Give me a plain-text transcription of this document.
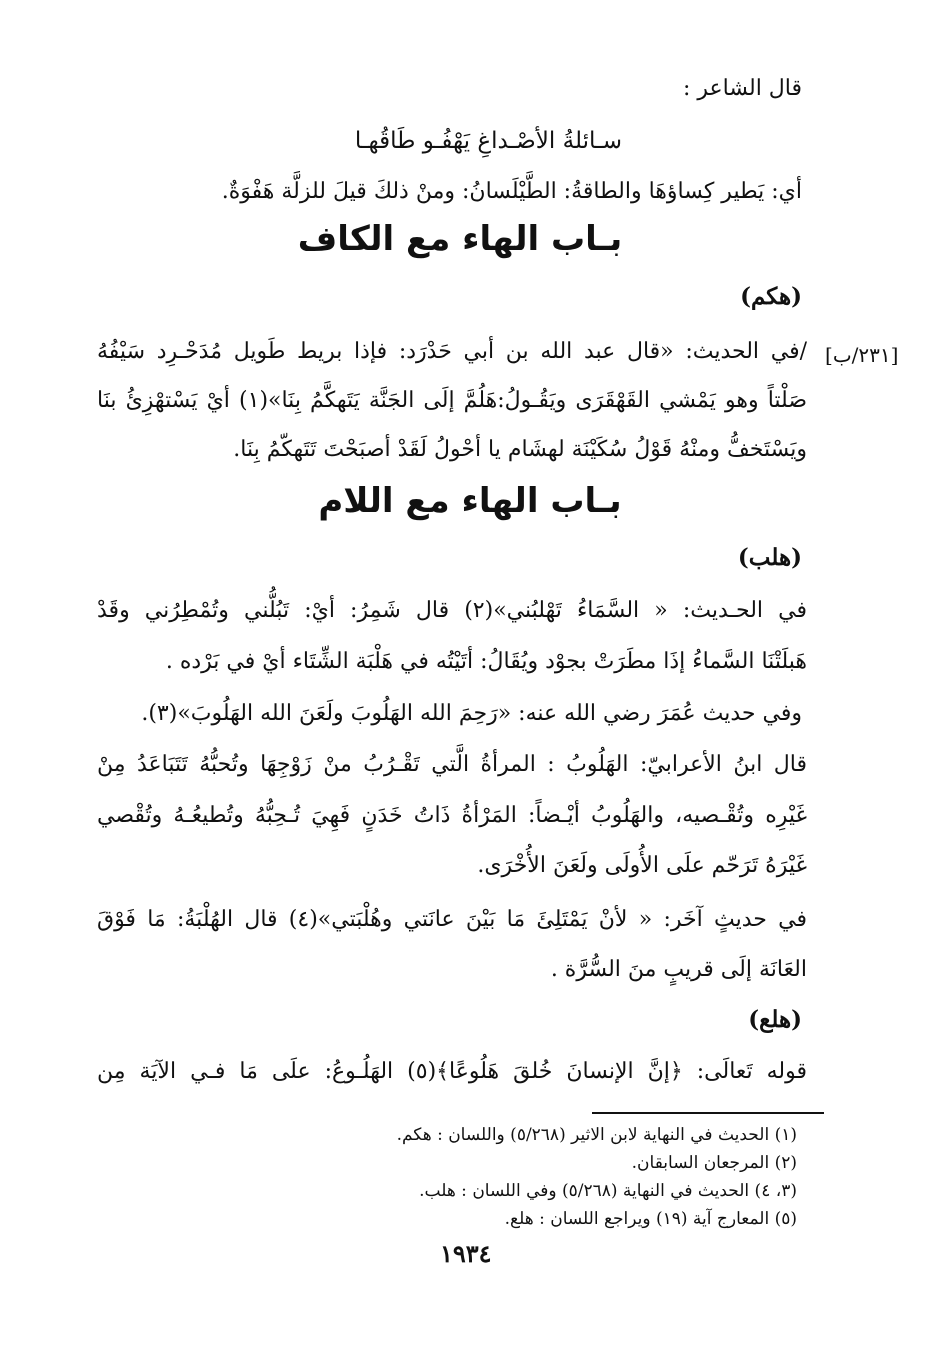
قال الشاعر :
سـائلةُ الأصْـداغِ يَهْفُـو طَاقُهـا
أي: يَطير كِساؤهَا والطاقةُ: الطَّيْلَسانُ: ومنْ ذلكَ قيلَ للزلَّة هَفْوَةٌ.
بـاب الهاء مع الكاف
(هكم)
[٢٣١/ب]
/في الحديث: «قال عبد الله بن أبي حَدْرَد: فإذا بريط طَويل مُدَحْـرِد سَيْفُهُ
صَلْتاً وهو يَمْشي القَهْقَرَى ويَقُـولُ:هَلُمَّ إلَى الجَنَّة يَتَهكَّمُ بِنَا»(١) أيْ يَسْتهْزِئُ بنَا
ويَسْتَخفُّ ومنْهُ قَوْلُ سُكَيْنَة لهشَام يا أحْولُ لَقَدْ أصبَحْتَ تَتَهكّمُ بِنَا.
بـاب الهاء مع اللام
(هلب)
في الحـديث: « السَّمَاءُ تَهْلبُني»(٢) قال شَمِرُ: أيْ: تَبُلُّني وتُمْطِرُني وقَدْ
هَبلَتْنَا السَّماءُ إذَا مطَرَتْ بجوْد ويُقَالُ: أتَيْتُه في هَلْبَة الشِّتَاء أيْ في بَرْده .
وفي حديث عُمَرَ رضي الله عنه: «رَحِمَ الله الهَلُوبَ ولَعَنَ الله الهَلُوبَ»(٣).
قال ابنُ الأعرابيّ: الهَلُوبُ : المرأةُ الَّتي تَقْـرُبُ منْ زَوْجِهَا وتُحبُّهُ تَتَبَاعَدُ مِنْ
غَيْرِه وتُقْـصيه، والهَلُوبُ أيْـضاً: المَرْأةُ ذَاتُ خَدَنٍ فَهِيَ تُـحِبُّهُ وتُطيعُـهُ وتُقْصي
غَيْرَهُ تَرَحّم علَى الأُولَى ولَعَنَ الأُخْرَى.
في حديثٍ آخَر: « لأنْ يَمْتَلِئَ مَا بَيْنَ عانَتي وهُلْبَتي»(٤) قال الهُلْبَةُ: مَا فَوْقَ
العَانَة إلَى قريبٍ منَ السُّرَّة .
(هلع)
قوله تَعالَى: ﴿إنَّ الإنسانَ خُلقَ هَلُوعًا﴾(٥) الهَلُـوعُ: علَى مَا فـي الآيَة مِن
(١) الحديث في النهاية لابن الاثير (٥/٢٦٨) واللسان : هكم.
(٢) المرجعان السابقان.
(٣، ٤) الحديث في النهاية (٥/٢٦٨) وفي اللسان : هلب.
(٥) المعارج آية (١٩) ويراجع اللسان : هلع.
١٩٣٤
